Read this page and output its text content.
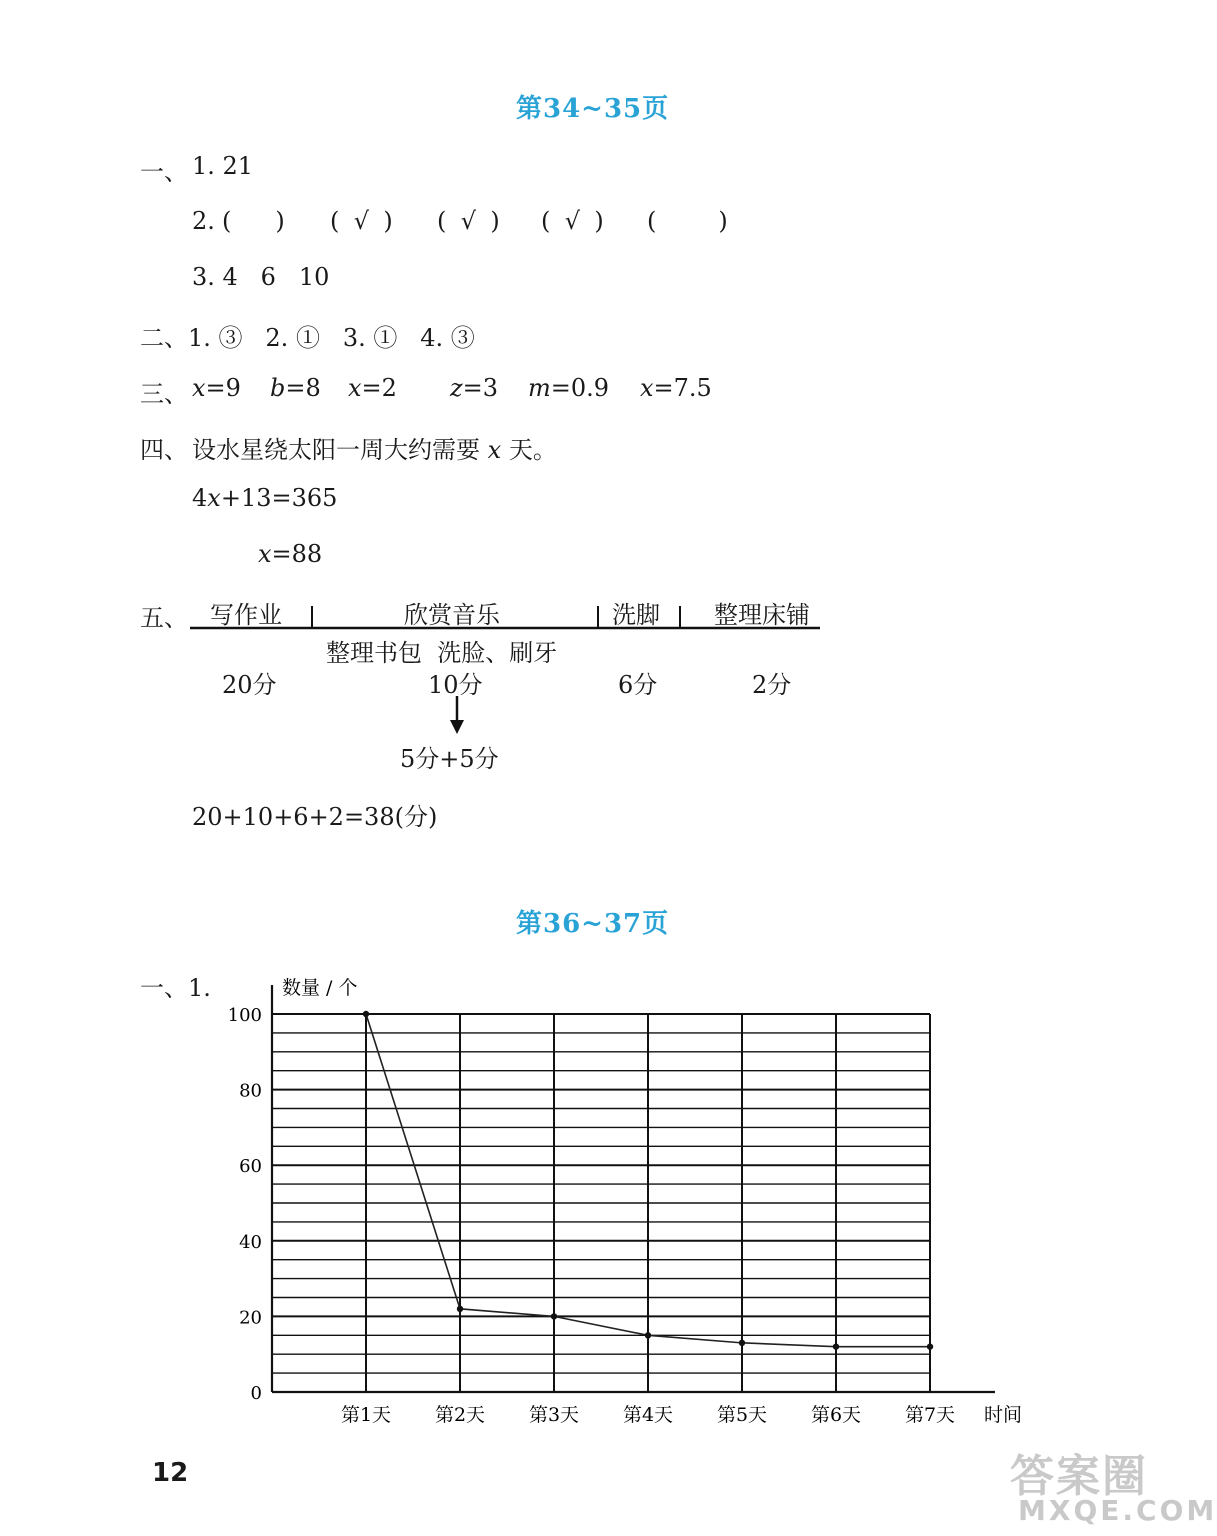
第34~35页
一、 1. 21
2. ( ) ( √ ) ( √ ) ( √ ) (	)
3. 4   6   10
二、1. ③   2. ①   3. ①   4. ③
三、 x=9 b=8 x=2 z=3 m=0.9 x=7.5
四、 设水星绕太阳一周大约需要 x 天。
4x+13=365
x=88
五、 写作业	欣赏音乐	洗脚 整理床铺
整理书包  洗脸、刷牙
20分	10分	6分	2分
5分+5分
20+10+6+2=38(分)
第36~37页
一、1.
0
20
40
60
80
100
第1天 第2天 第3天 第4天 第5天 第6天 第7天
数量 / 个
时间
12	答案圈
MXQE.COM
